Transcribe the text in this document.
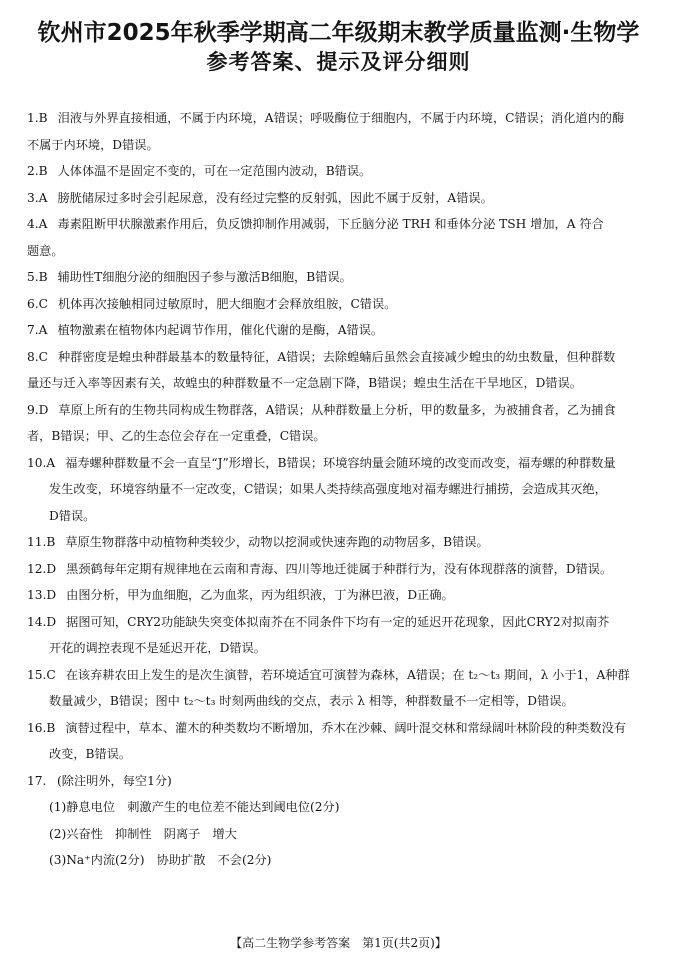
钦州市2025年秋季学期高二年级期末教学质量监测·生物学
参考答案、提示及评分细则
1.B 泪液与外界直接相通，不属于内环境，A错误；呼吸酶位于细胞内，不属于内环境，C错误；消化道内的酶
不属于内环境，D错误。
2.B 人体体温不是固定不变的，可在一定范围内波动，B错误。
3.A 膀胱储尿过多时会引起尿意，没有经过完整的反射弧，因此不属于反射，A错误。
4.A 毒素阻断甲状腺激素作用后，负反馈抑制作用减弱，下丘脑分泌 TRH 和垂体分泌 TSH 增加，A 符合
题意。
5.B 辅助性T细胞分泌的细胞因子参与激活B细胞，B错误。
6.C 机体再次接触相同过敏原时，肥大细胞才会释放组胺，C错误。
7.A 植物激素在植物体内起调节作用，催化代谢的是酶，A错误。
8.C 种群密度是蝗虫种群最基本的数量特征，A错误；去除蝗蝻后虽然会直接减少蝗虫的幼虫数量，但种群数
量还与迁入率等因素有关，故蝗虫的种群数量不一定急剧下降，B错误；蝗虫生活在干旱地区，D错误。
9.D 草原上所有的生物共同构成生物群落，A错误；从种群数量上分析，甲的数量多，为被捕食者，乙为捕食
者，B错误；甲、乙的生态位会存在一定重叠，C错误。
10.A 福寿螺种群数量不会一直呈“J”形增长，B错误；环境容纳量会随环境的改变而改变，福寿螺的种群数量
发生改变，环境容纳量不一定改变，C错误；如果人类持续高强度地对福寿螺进行捕捞，会造成其灭绝，
D错误。
11.B 草原生物群落中动植物种类较少，动物以挖洞或快速奔跑的动物居多，B错误。
12.D 黑颈鹤每年定期有规律地在云南和青海、四川等地迁徙属于种群行为，没有体现群落的演替，D错误。
13.D 由图分析，甲为血细胞，乙为血浆，丙为组织液，丁为淋巴液，D正确。
14.D 据图可知，CRY2功能缺失突变体拟南芥在不同条件下均有一定的延迟开花现象，因此CRY2对拟南芥
开花的调控表现不是延迟开花，D错误。
15.C 在该弃耕农田上发生的是次生演替，若环境适宜可演替为森林，A错误；在 t₂～t₃ 期间，λ 小于1，A种群
数量减少，B错误；图中 t₂～t₃ 时刻两曲线的交点，表示 λ 相等，种群数量不一定相等，D错误。
16.B 演替过程中，草本、灌木的种类数均不断增加，乔木在沙棘、阔叶混交林和常绿阔叶林阶段的种类数没有
改变，B错误。
17. (除注明外，每空1分)
(1)静息电位　刺激产生的电位差不能达到阈电位(2分)
(2)兴奋性　抑制性　阴离子　增大
(3)Na⁺内流(2分)　协助扩散　不会(2分)
【高二生物学参考答案　第1页(共2页)】
